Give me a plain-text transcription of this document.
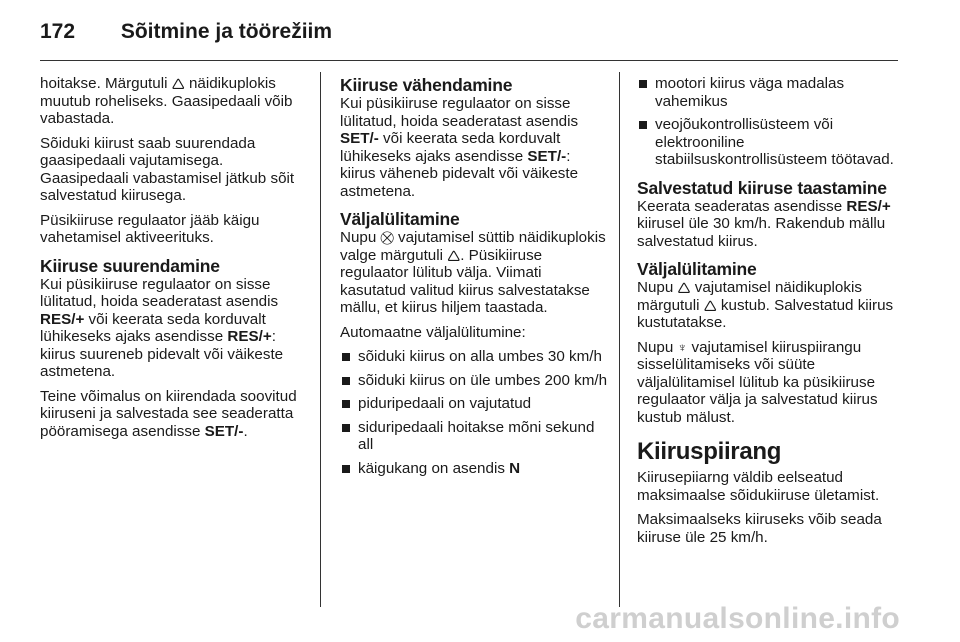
172 Sõitmine ja töörežiim

hoitakse. Märgutuli 🛆 näidikuplokis muutub roheliseks. Gaasipedaali võib vabastada.

Sõiduki kiirust saab suurendada gaasipedaali vajutamisega. Gaasipedaali vabastamisel jätkub sõit salvestatud kiirusega.

Püsikiiruse regulaator jääb käigu vahetamisel aktiveerituks.

Kiiruse suurendamine

Kui püsikiiruse regulaator on sisse lülitatud, hoida seaderatast asendis RES/+ või keerata seda korduvalt lühikeseks ajaks asendisse RES/+: kiirus suureneb pidevalt või väikeste astmetena.

Teine võimalus on kiirendada soovitud kiiruseni ja salvestada see seaderatta pööramisega asendisse SET/-.

Kiiruse vähendamine

Kui püsikiiruse regulaator on sisse lülitatud, hoida seaderatast asendis SET/- või keerata seda korduvalt lühikeseks ajaks asendisse SET/-: kiirus väheneb pidevalt või väikeste astmetena.

Väljalülitamine

Nupu ⛒ vajutamisel süttib näidikuplokis valge märgutuli 🛆. Püsikiiruse regulaator lülitub välja. Viimati kasutatud valitud kiirus salvestatakse mällu, et kiirus hiljem taastada.

Automaatne väljalülitumine:

sõiduki kiirus on alla umbes 30 km/h
sõiduki kiirus on üle umbes 200 km/h
piduripedaali on vajutatud
siduripedaali hoitakse mõni sekund all
käigukang on asendis N
mootori kiirus väga madalas vahemikus
veojõukontrollisüsteem või elektrooniline stabiilsuskontrollisüsteem töötavad.
Salvestatud kiiruse taastamine

Keerata seaderatas asendisse RES/+ kiirusel üle 30 km/h. Rakendub mällu salvestatud kiirus.

Väljalülitamine

Nupu 🛆 vajutamisel näidikuplokis märgutuli 🛆 kustub. Salvestatud kiirus kustutatakse.

Nupu ♆ vajutamisel kiiruspiirangu sisselülitamiseks või süüte väljalülitamisel lülitub ka püsikiiruse regulaator välja ja salvestatud kiirus kustub mälust.

Kiiruspiirang

Kiirusepiiarng väldib eelseatud maksimaalse sõidukiiruse ületamist.

Maksimaalseks kiiruseks võib seada kiiruse üle 25 km/h.

carmanualsonline.info
